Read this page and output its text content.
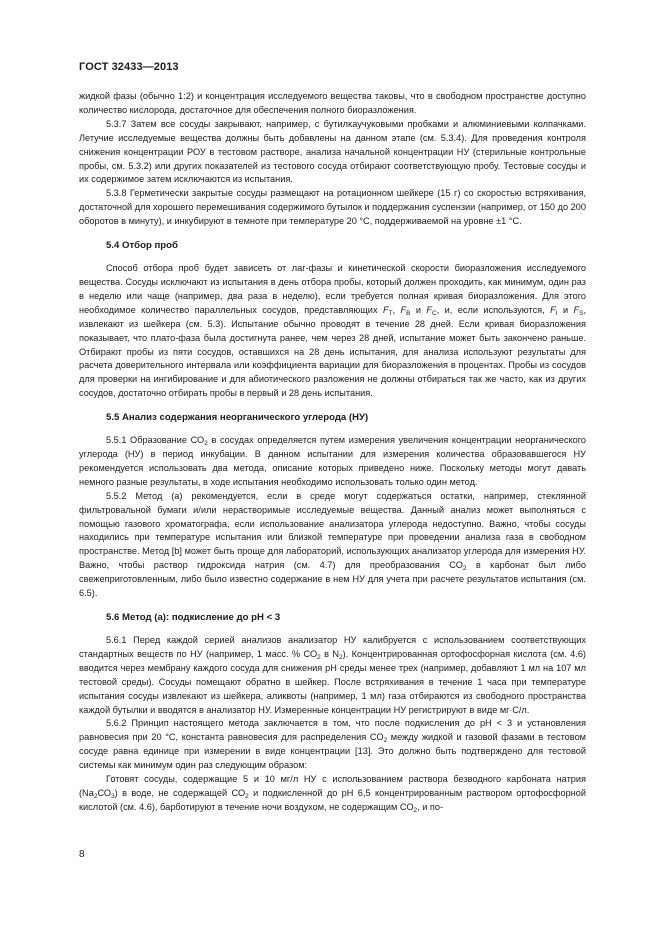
ГОСТ 32433—2013

жидкой фазы (обычно 1:2) и концентрация исследуемого вещества таковы, что в свободном пространстве доступно количество кислорода, достаточное для обеспечения полного биоразложения.

5.3.7 Затем все сосуды закрывают, например, с бутилкаучуковыми пробками и алюминиевыми колпачками. Летучие исследуемые вещества должны быть добавлены на данном этапе (см. 5.3.4). Для проведения контроля снижения концентрации РОУ в тестовом растворе, анализа начальной концентрации НУ (стерильные контрольные пробы, см. 5.3.2) или других показателей из тестового сосуда отбирают соответствующую пробу. Тестовые сосуды и их содержимое затем исключаются из испытания.

5.3.8 Герметически закрытые сосуды размещают на ротационном шейкере (15 г) со скоростью встряхивания, достаточной для хорошего перемешивания содержимого бутылок и поддержания суспензии (например, от 150 до 200 оборотов в минуту), и инкубируют в темноте при температуре 20 °С, поддерживаемой на уровне ±1 °С.

5.4 Отбор проб

Способ отбора проб будет зависеть от лаг-фазы и кинетической скорости биоразложения исследуемого вещества. Сосуды исключают из испытания в день отбора пробы, который должен проходить, как минимум, один раз в неделю или чаще (например, два раза в неделю), если требуется полная кривая биоразложения. Для этого необходимое количество параллельных сосудов, представляющих $F_T$, $F_B$ и $F_C$, и, если используются, $F_I$ и $F_S$, извлекают из шейкера (см. 5.3). Испытание обычно проводят в течение 28 дней. Если кривая биоразложения показывает, что плато-фаза была достигнута ранее, чем через 28 дней, испытание может быть закончено раньше. Отбирают пробы из пяти сосудов, оставшихся на 28 день испытания, для анализа используют результаты для расчета доверительного интервала или коэффициента вариации для биоразложения в процентах. Пробы из сосудов для проверки на ингибирование и для абиотического разложения не должны отбираться так же часто, как из других сосудов, достаточно отбирать пробы в первый и 28 день испытания.

5.5 Анализ содержания неорганического углерода (НУ)

5.5.1 Образование $СО_2$ в сосудах определяется путем измерения увеличения концентрации неорганического углерода (НУ) в период инкубации. В данном испытании для измерения количества образовавшегося НУ рекомендуется использовать два метода, описание которых приведено ниже. Поскольку методы могут давать немного разные результаты, в ходе испытания необходимо использовать только один метод.

5.5.2 Метод (а) рекомендуется, если в среде могут содержаться остатки, например, стеклянной фильтровальной бумаги и/или нерастворимые исследуемые вещества. Данный анализ может выполняться с помощью газового хроматографа, если использование анализатора углерода недоступно. Важно, чтобы сосуды находились при температуре испытания или близкой температуре при проведении анализа газа в свободном пространстве. Метод [b] может быть проще для лабораторий, использующих анализатор углерода для измерения НУ. Важно, чтобы раствор гидроксида натрия (см. 4.7) для преобразования $СО_2$ в карбонат был либо свежеприготовленным, либо было известно содержание в нем НУ для учета при расчете результатов испытания (см. 6.5).

5.6 Метод (а): подкисление до рН < 3

5.6.1 Перед каждой серией анализов анализатор НУ калибруется с использованием соответствующих стандартных веществ по НУ (например, 1 масс. % $СО_2$ в $N_2$). Концентрированная ортофосфорная кислота (см. 4.6) вводится через мембрану каждого сосуда для снижения рН среды менее трех (например, добавляют 1 мл на 107 мл тестовой среды). Сосуды помещают обратно в шейкер. После встряхивания в течение 1 часа при температуре испытания сосуды извлекают из шейкера, аликвоты (например, 1 мл) газа отбираются из свободного пространства каждой бутылки и вводятся в анализатор НУ. Измеренные концентрации НУ регистрируют в виде мг·С/л.

5.6.2 Принцип настоящего метода заключается в том, что после подкисления до рН < 3 и установления равновесия при 20 °С, константа равновесия для распределения $СО_2$ между жидкой и газовой фазами в тестовом сосуде равна единице при измерении в виде концентрации [13]. Это должно быть подтверждено для тестовой системы как минимум один раз следующим образом:

Готовят сосуды, содержащие 5 и 10 мг/л НУ с использованием раствора безводного карбоната натрия $(Na_2СО_3)$ в воде, не содержащей $СО_2$ и подкисленной до рН 6,5 концентрированным раствором ортофосфорной кислотой (см. 4.6), барботируют в течение ночи воздухом, не содержащим $СО_2$, и по-

8
